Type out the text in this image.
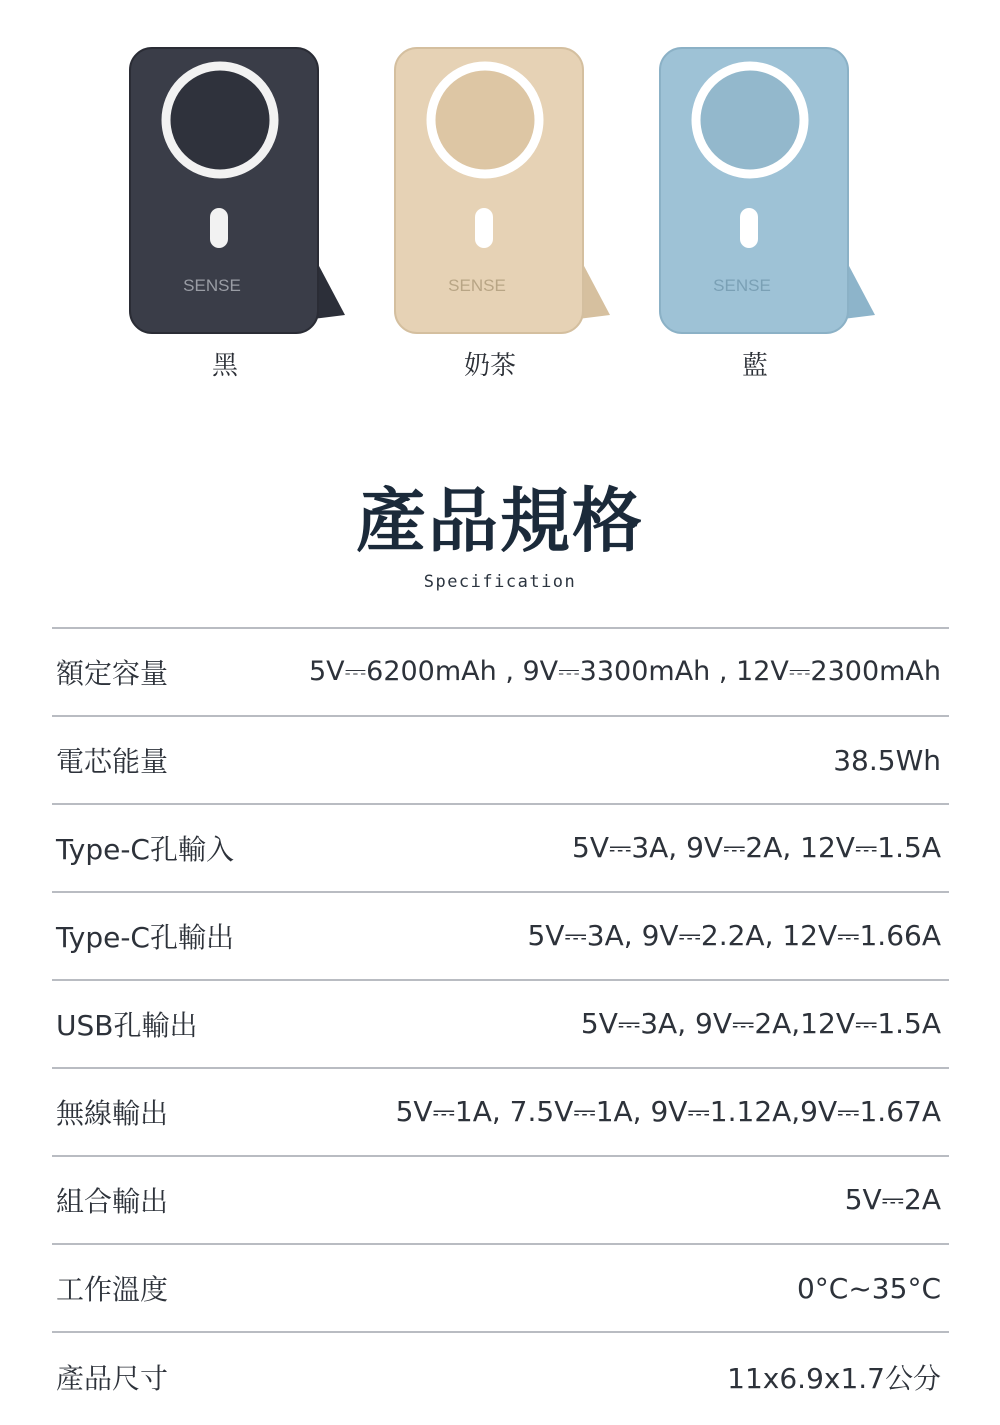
SENSE
黑
SENSE
奶茶
SENSE
藍
產品規格
Specification
額定容量	5V⎓6200mAh , 9V⎓3300mAh , 12V⎓2300mAh
電芯能量	38.5Wh
Type-C孔輸入	5V⎓3A, 9V⎓2A, 12V⎓1.5A
Type-C孔輸出	5V⎓3A, 9V⎓2.2A, 12V⎓1.66A
USB孔輸出	5V⎓3A, 9V⎓2A,12V⎓1.5A
無線輸出	5V⎓1A, 7.5V⎓1A, 9V⎓1.12A,9V⎓1.67A
組合輸出	5V⎓2A
工作溫度	0°C~35°C
產品尺寸	11x6.9x1.7公分
